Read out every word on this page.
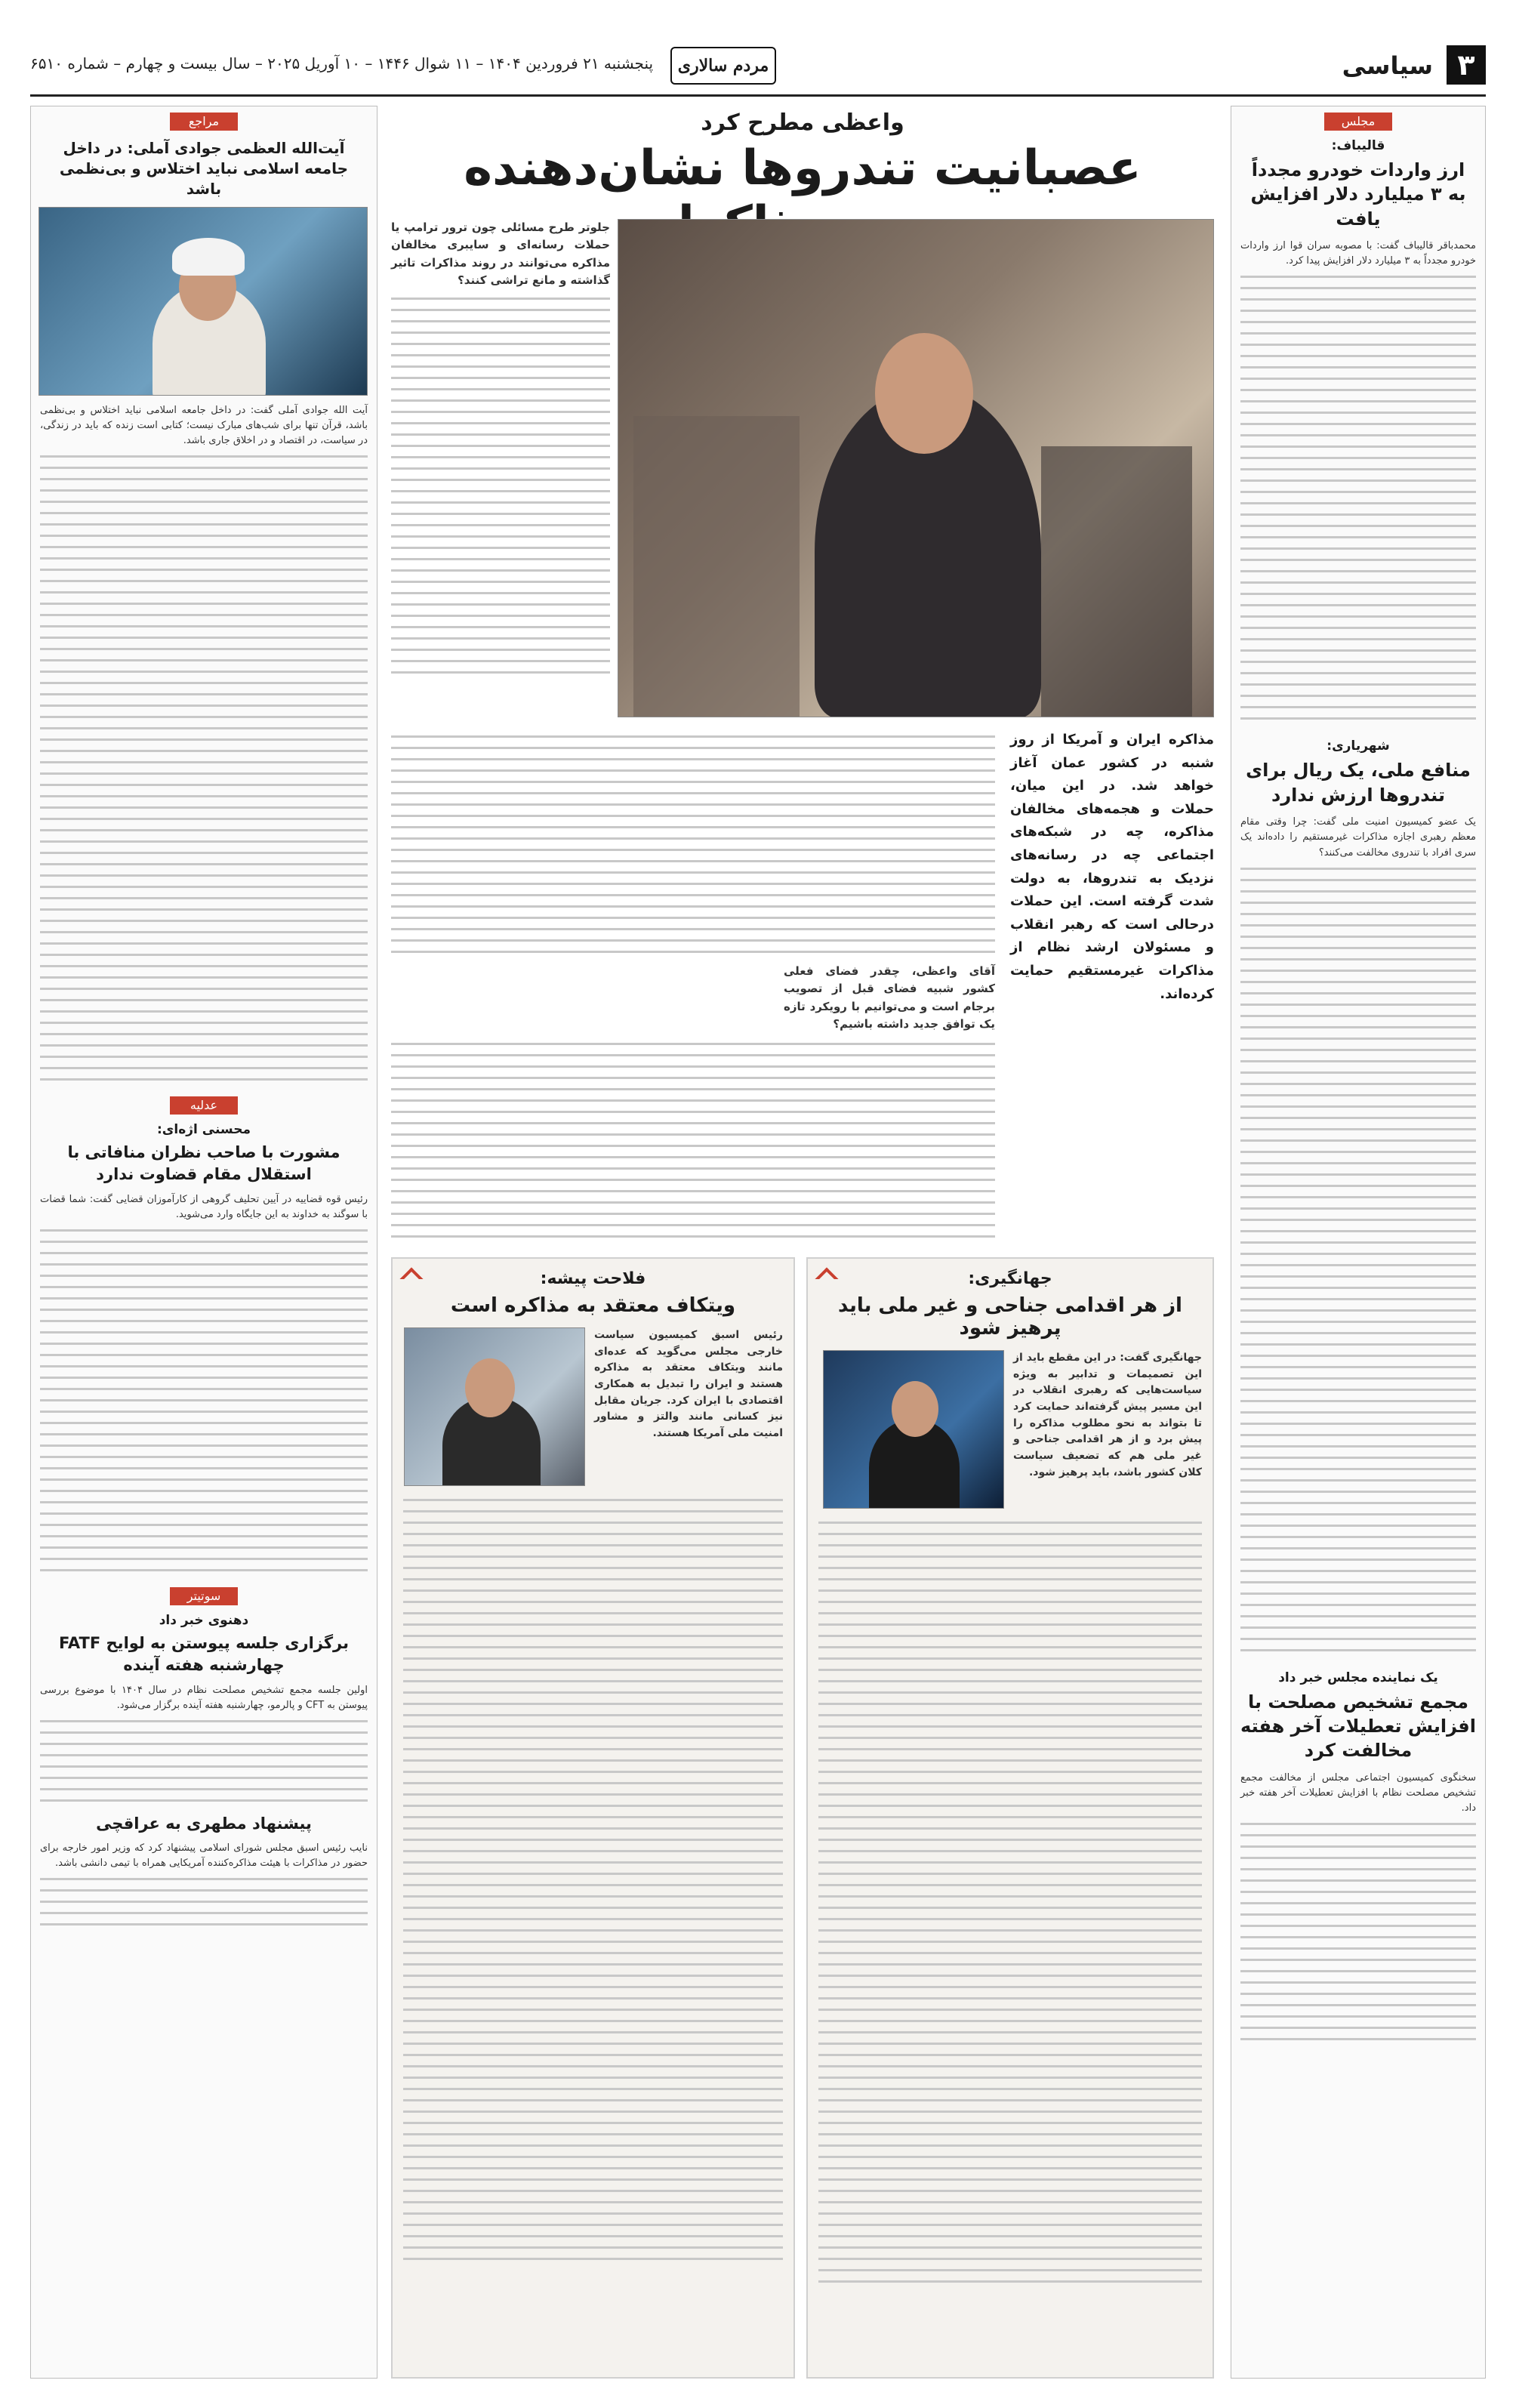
۳
سیاسی
مردم سالاری
پنجشنبه ۲۱ فروردین ۱۴۰۴ – ۱۱ شوال ۱۴۴۶ – ۱۰ آوریل ۲۰۲۵ – سال بیست و چهارم – شماره ۶۵۱۰
مجلس
قالیباف:
ارز واردات خودرو مجدداً به ۳ میلیارد دلار افزایش یافت
محمدباقر قالیباف گفت: با مصوبه سران قوا ارز واردات خودرو مجدداً به ۳ میلیارد دلار افزایش پیدا کرد.
شهریاری:
منافع ملی، یک ریال برای تندروها ارزش ندارد
یک عضو کمیسیون امنیت ملی گفت: چرا وقتی مقام معظم رهبری اجازه مذاکرات غیرمستقیم را داده‌اند یک سری افراد با تندروی مخالفت می‌کنند؟
یک نماینده مجلس خبر داد
مجمع تشخیص مصلحت با افزایش تعطیلات آخر هفته مخالفت کرد
سخنگوی کمیسیون اجتماعی مجلس از مخالفت مجمع تشخیص مصلحت نظام با افزایش تعطیلات آخر هفته خبر داد.
واعظی مطرح کرد
عصبانیت تندروها نشان‌دهنده
جلوتر طرح مسائلی چون ترور ترامپ یا حملات رسانه‌ای و سایبری مخالفان مذاکره می‌توانند در روند مذاکرات تاثیر گذاشته و مانع تراشی کنند؟
مذاکره ایران و آمریکا از روز شنبه در کشور عمان آغاز خواهد شد. در این میان، حملات و هجمه‌های مخالفان مذاکره، چه در شبکه‌های اجتماعی چه در رسانه‌های نزدیک به تندروها، به دولت شدت گرفته است. این حملات درحالی است که رهبر انقلاب و مسئولان ارشد نظام از مذاکرات غیرمستقیم حمایت کرده‌اند.
آقای واعظی، چقدر فضای فعلی کشور شبیه فضای قبل از تصویب برجام است و می‌توانیم با رویکرد تازه یک توافق جدید داشته باشیم؟
جهانگیری:
از هر اقدامی جناحی و غیر ملی باید پرهیز شود
جهانگیری گفت: در این مقطع باید از این تصمیمات و تدابیر به ویژه سیاست‌هایی که رهبری انقلاب در این مسیر پیش گرفته‌اند حمایت کرد تا بتواند به نحو مطلوب مذاکره را پیش برد و از هر اقدامی جناحی و غیر ملی هم که تضعیف سیاست کلان کشور باشد، باید پرهیز شود.
فلاحت پیشه:
ویتکاف معتقد به مذاکره است
رئیس اسبق کمیسیون سیاست خارجی مجلس می‌گوید که عده‌ای مانند ویتکاف معتقد به مذاکره هستند و ایران را تبدیل به همکاری اقتصادی با ایران کرد. جریان مقابل نیز کسانی مانند والتز و مشاور امنیت ملی آمریکا هستند.
مراجع
آیت‌الله العظمی جوادی آملی: در داخل جامعه اسلامی نباید اختلاس و بی‌نظمی باشد
آیت الله جوادی آملی گفت: در داخل جامعه اسلامی نباید اختلاس و بی‌نظمی باشد، قرآن تنها برای شب‌های مبارک نیست؛ کتابی است زنده که باید در زندگی، در سیاست، در اقتصاد و در اخلاق جاری باشد.
عدلیه
محسنی اژه‌ای:
مشورت با صاحب نظران منافاتی با استقلال مقام قضاوت ندارد
رئیس قوه قضاییه در آیین تحلیف گروهی از کارآموزان قضایی گفت: شما قضات با سوگند به خداوند به این جایگاه وارد می‌شوید.
سوتیتر
دهنوی خبر داد
برگزاری جلسه پیوستن به لوایح FATF چهارشنبه هفته آینده
اولین جلسه مجمع تشخیص مصلحت نظام در سال ۱۴۰۴ با موضوع بررسی پیوستن به CFT و پالرمو، چهارشنبه هفته آینده برگزار می‌شود.
پیشنهاد مطهری به عراقچی
نایب رئیس اسبق مجلس شورای اسلامی پیشنهاد کرد که وزیر امور خارجه برای حضور در مذاکرات با هیئت مذاکره‌کننده آمریکایی همراه با تیمی دانشی باشد.
